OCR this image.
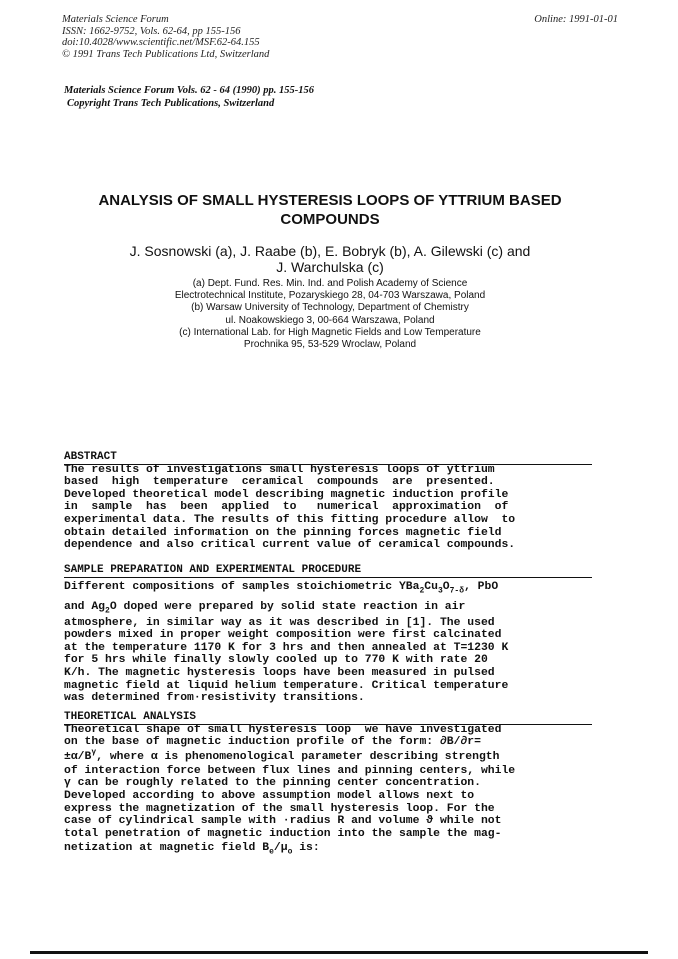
Materials Science Forum
ISSN: 1662-9752, Vols. 62-64, pp 155-156
doi:10.4028/www.scientific.net/MSF.62-64.155
© 1991 Trans Tech Publications Ltd, Switzerland
Online: 1991-01-01
Materials Science Forum Vols. 62 - 64 (1990) pp. 155-156
Copyright Trans Tech Publications, Switzerland
ANALYSIS OF SMALL HYSTERESIS LOOPS OF YTTRIUM BASED
COMPOUNDS
J. Sosnowski (a), J. Raabe (b), E. Bobryk (b), A. Gilewski (c) and
J. Warchulska (c)
(a) Dept. Fund. Res. Min. Ind. and Polish Academy of Science
Electrotechnical Institute, Pozaryskiego 28, 04-703 Warszawa, Poland
(b) Warsaw University of Technology, Department of Chemistry
ul. Noakowskiego 3, 00-664 Warszawa, Poland
(c) International Lab. for High Magnetic Fields and Low Temperature
Prochnika 95, 53-529 Wroclaw, Poland
ABSTRACT
The results of investigations small hysteresis loops of yttrium
based  high  temperature  ceramical  compounds  are  presented.
Developed theoretical model describing magnetic induction profile
in  sample  has  been  applied  to   numerical  approximation  of
experimental data. The results of this fitting procedure allow  to
obtain detailed information on the pinning forces magnetic field
dependence and also critical current value of ceramical compounds.
SAMPLE PREPARATION AND EXPERIMENTAL PROCEDURE
Different compositions of samples stoichiometric $YBa_2Cu_3O_{7-\delta}$, PbO
and $Ag_2O$ doped were prepared by solid state reaction in air
atmosphere, in similar way as it was described in [1]. The used
powders mixed in proper weight composition were first calcinated
at the temperature 1170 K for 3 hrs and then annealed at T=1230 K
for 5 hrs while finally slowly cooled up to 770 K with rate 20
K/h. The magnetic hysteresis loops have been measured in pulsed
magnetic field at liquid helium temperature. Critical temperature
was determined from·resistivity transitions.
THEORETICAL ANALYSIS
Theoretical shape of small hysteresis loop  we have investigated
on the base of magnetic induction profile of the form: ∂B/∂r=
$\pm\alpha/B^\gamma$, where α is phenomenological parameter describing strength
of interaction force between flux lines and pinning centers, while
γ can be roughly related to the pinning center concentration.
Developed according to above assumption model allows next to
express the magnetization of the small hysteresis loop. For the
case of cylindrical sample with ·radius R and volume ϑ while not
total penetration of magnetic induction into the sample the mag-
netization at magnetic field $B_e/\mu_o$ is:
